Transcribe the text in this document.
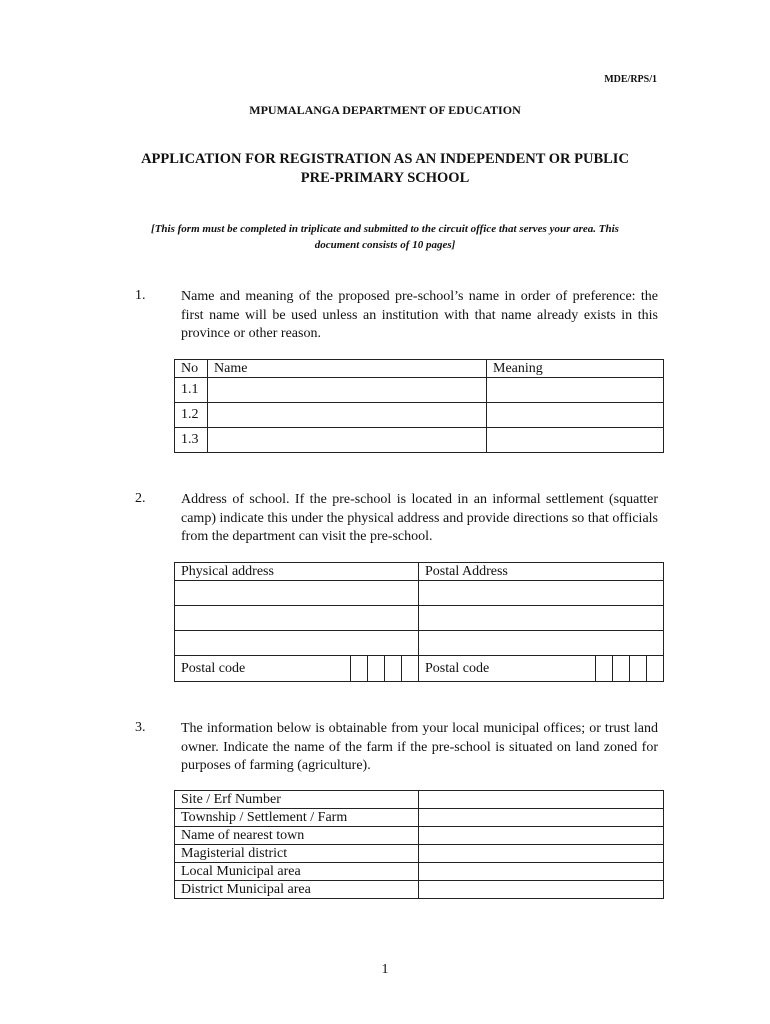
MDE/RPS/1
MPUMALANGA DEPARTMENT OF EDUCATION
APPLICATION FOR REGISTRATION AS AN INDEPENDENT OR PUBLIC
PRE-PRIMARY SCHOOL
[This form must be completed in triplicate and submitted to the circuit office that serves your area. This
document consists of 10 pages]
1.	Name and meaning of the proposed pre-school’s name in order of preference: the first name will be used unless an institution with that name already exists in this province or other reason.
No	Name	Meaning
1.1		
1.2		
1.3		
2.	Address of school. If the pre-school is located in an informal settlement (squatter camp) indicate this under the physical address and provide directions so that officials from the department can visit the pre-school.
Physical address	Postal Address

Postal code	Postal code
3.	The information below is obtainable from your local municipal offices; or trust land owner. Indicate the name of the farm if the pre-school is situated on land zoned for purposes of farming (agriculture).
Site / Erf Number	
Township / Settlement / Farm	
Name of nearest town	
Magisterial district	
Local Municipal area	
District Municipal area	
1
